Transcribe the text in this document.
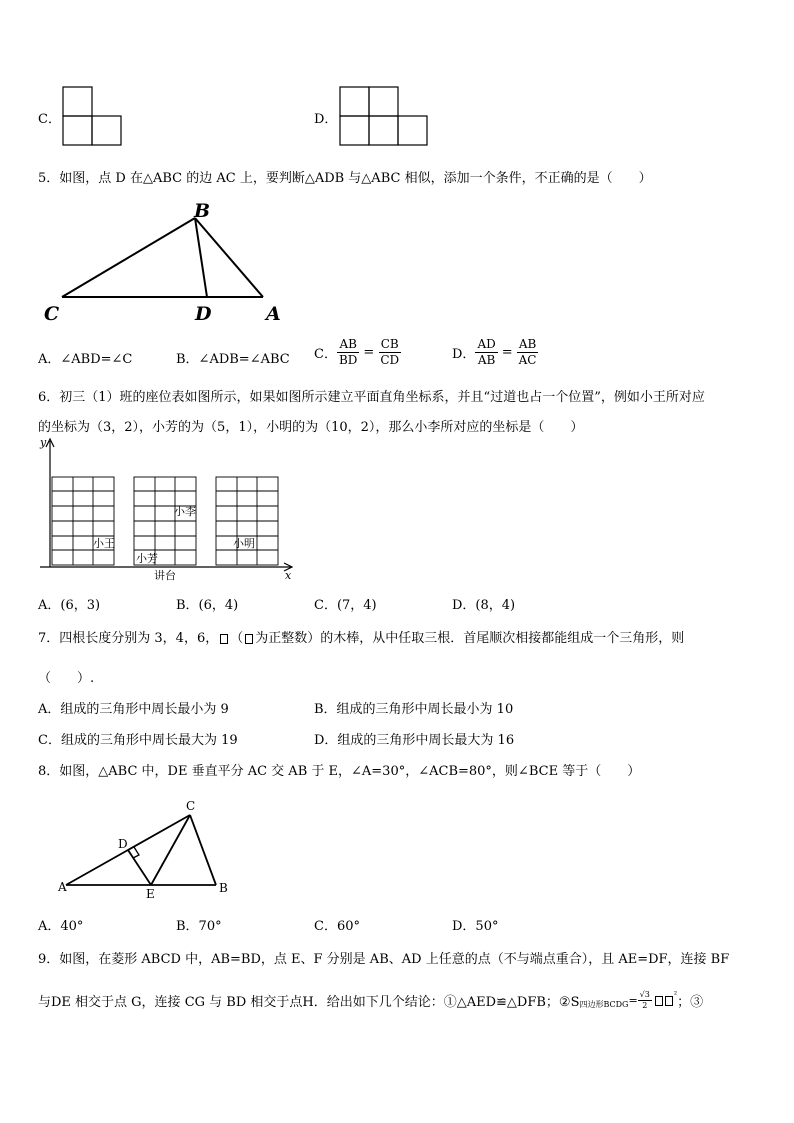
C．	D．
5．如图，点 D 在△ABC 的边 AC 上，要判断△ADB 与△ABC 相似，添加一个条件，不正确的是（　　）
B
C	D	A
A．∠ABD=∠C	B．∠ADB=∠ABC C． $\frac{AB}{BD} = \frac{CB}{CD}$	D． $\frac{AD}{AB} = \frac{AB}{AC}$
6．初三（1）班的座位表如图所示，如果如图所示建立平面直角坐标系，并且“过道也占一个位置”，例如小王所对应
的坐标为（3，2），小芳的为（5，1），小明的为（10，2），那么小李所对应的坐标是（　　）
y
x
小王
小芳
小李
小明
讲台
A．(6，3)	B．(6，4)	C．(7，4)	D．(8，4)
7．四根长度分别为 3，4，6， （ 为正整数）的木棒，从中任取三根．首尾顺次相接都能组成一个三角形，则
（　　）.
A．组成的三角形中周长最小为 9	B．组成的三角形中周长最小为 10
C．组成的三角形中周长最大为 19	D．组成的三角形中周长最大为 16
8．如图，△ABC 中，DE 垂直平分 AC 交 AB 于 E，∠A=30°，∠ACB=80°，则∠BCE 等于（　　）
C
D
A	E	B
A．40°	B．70°	C．60°	D．50°
9．如图，在菱形 ABCD 中，AB=BD，点 E、F 分别是 AB、AD 上任意的点（不与端点重合），且 AE=DF，连接 BF
与DE 相交于点 G，连接 CG 与 BD 相交于点H．给出如下几个结论：①△AED≌△DFB；②S 四边形BCDG = $\frac{√3}{2}$	²
；③
